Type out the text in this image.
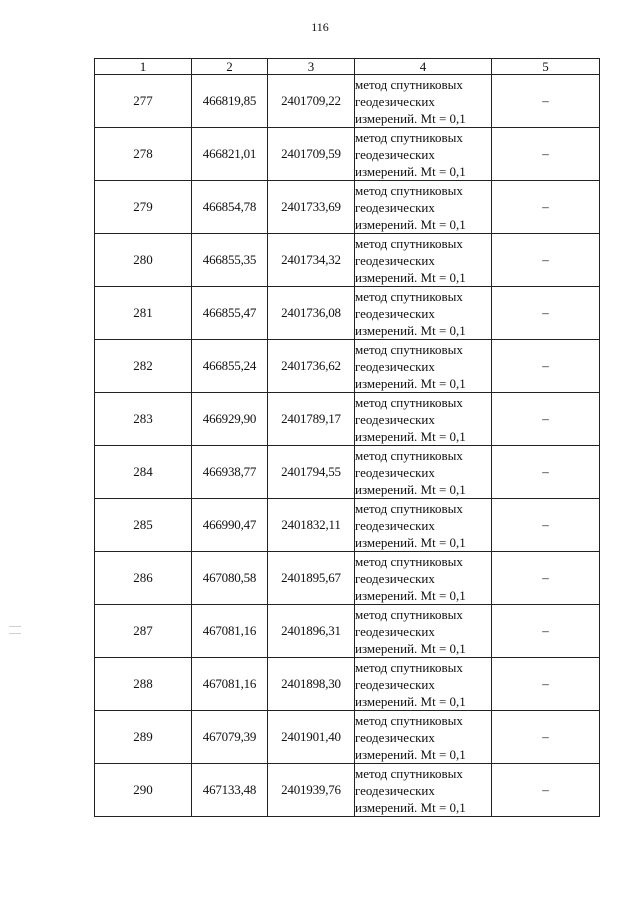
116
1	2	3	4	5
277	466819,85	2401709,22	метод спутниковых
геодезических
измерений. Mt = 0,1	–
278	466821,01	2401709,59	метод спутниковых
геодезических
измерений. Mt = 0,1	–
279	466854,78	2401733,69	метод спутниковых
геодезических
измерений. Mt = 0,1	–
280	466855,35	2401734,32	метод спутниковых
геодезических
измерений. Mt = 0,1	–
281	466855,47	2401736,08	метод спутниковых
геодезических
измерений. Mt = 0,1	–
282	466855,24	2401736,62	метод спутниковых
геодезических
измерений. Mt = 0,1	–
283	466929,90	2401789,17	метод спутниковых
геодезических
измерений. Mt = 0,1	–
284	466938,77	2401794,55	метод спутниковых
геодезических
измерений. Mt = 0,1	–
285	466990,47	2401832,11	метод спутниковых
геодезических
измерений. Mt = 0,1	–
286	467080,58	2401895,67	метод спутниковых
геодезических
измерений. Mt = 0,1	–
287	467081,16	2401896,31	метод спутниковых
геодезических
измерений. Mt = 0,1	–
288	467081,16	2401898,30	метод спутниковых
геодезических
измерений. Mt = 0,1	–
289	467079,39	2401901,40	метод спутниковых
геодезических
измерений. Mt = 0,1	–
290	467133,48	2401939,76	метод спутниковых
геодезических
измерений. Mt = 0,1	–
